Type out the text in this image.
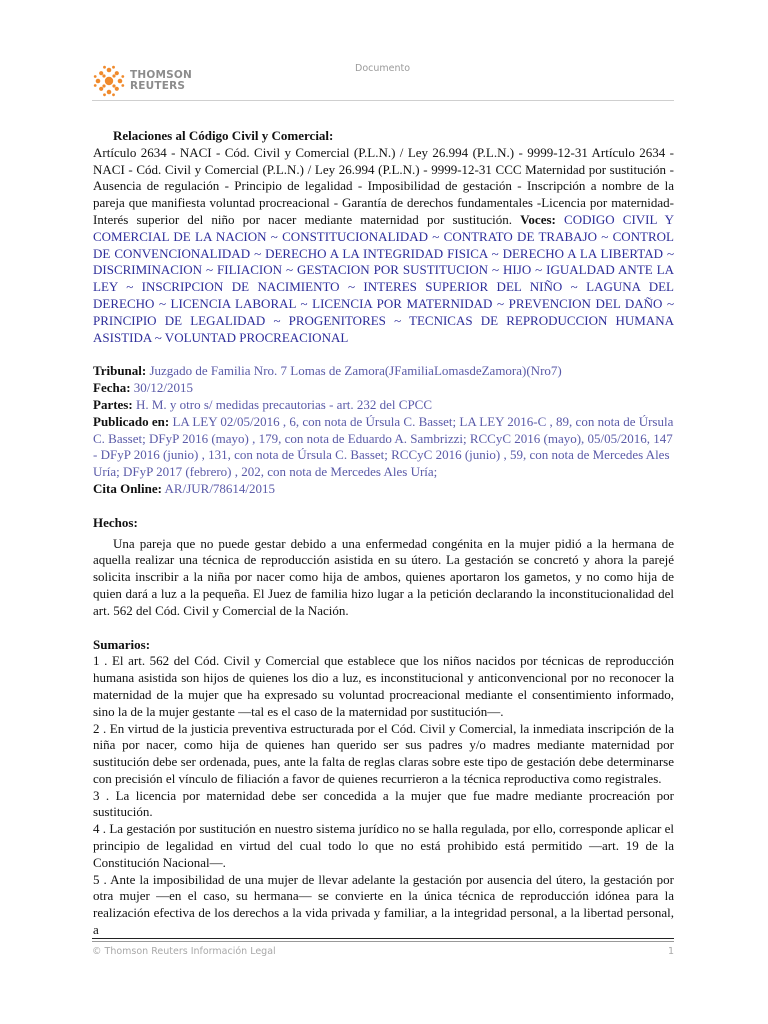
THOMSON
REUTERS
Documento

Relaciones al Código Civil y Comercial:

Artículo 2634 - NACI - Cód. Civil y Comercial (P.L.N.) / Ley 26.994 (P.L.N.) - 9999-12-31 Artículo 2634 - NACI - Cód. Civil y Comercial (P.L.N.) / Ley 26.994 (P.L.N.) - 9999-12-31 CCC Maternidad por sustitución - Ausencia de regulación - Principio de legalidad - Imposibilidad de gestación - Inscripción a nombre de la pareja que manifiesta voluntad procreacional - Garantía de derechos fundamentales -Licencia por maternidad- Interés superior del niño por nacer mediante maternidad por sustitución. Voces: CODIGO CIVIL Y COMERCIAL DE LA NACION ~ CONSTITUCIONALIDAD ~ CONTRATO DE TRABAJO ~ CONTROL DE CONVENCIONALIDAD ~ DERECHO A LA INTEGRIDAD FISICA ~ DERECHO A LA LIBERTAD ~ DISCRIMINACION ~ FILIACION ~ GESTACION POR SUSTITUCION ~ HIJO ~ IGUALDAD ANTE LA LEY ~ INSCRIPCION DE NACIMIENTO ~ INTERES SUPERIOR DEL NIÑO ~ LAGUNA DEL DERECHO ~ LICENCIA LABORAL ~ LICENCIA POR MATERNIDAD ~ PREVENCION DEL DAÑO ~ PRINCIPIO DE LEGALIDAD ~ PROGENITORES ~ TECNICAS DE REPRODUCCION HUMANA ASISTIDA ~ VOLUNTAD PROCREACIONAL

Tribunal: Juzgado de Familia Nro. 7 Lomas de Zamora(JFamiliaLomasdeZamora)(Nro7)

Fecha: 30/12/2015

Partes: H. M. y otro s/ medidas precautorias - art. 232 del CPCC

Publicado en: LA LEY 02/05/2016 , 6, con nota de Úrsula C. Basset; LA LEY 2016-C , 89, con nota de Úrsula C. Basset; DFyP 2016 (mayo) , 179, con nota de Eduardo A. Sambrizzi; RCCyC 2016 (mayo), 05/05/2016, 147 - DFyP 2016 (junio) , 131, con nota de Úrsula C. Basset; RCCyC 2016 (junio) , 59, con nota de Mercedes Ales Uría; DFyP 2017 (febrero) , 202, con nota de Mercedes Ales Uría;

Cita Online: AR/JUR/78614/2015

Hechos:

Una pareja que no puede gestar debido a una enfermedad congénita en la mujer pidió a la hermana de aquella realizar una técnica de reproducción asistida en su útero. La gestación se concretó y ahora la parejé solicita inscribir a la niña por nacer como hija de ambos, quienes aportaron los gametos, y no como hija de quien dará a luz a la pequeña. El Juez de familia hizo lugar a la petición declarando la inconstitucionalidad del art. 562 del Cód. Civil y Comercial de la Nación.

Sumarios:

1 . El art. 562 del Cód. Civil y Comercial que establece que los niños nacidos por técnicas de reproducción humana asistida son hijos de quienes los dio a luz, es inconstitucional y anticonvencional por no reconocer la maternidad de la mujer que ha expresado su voluntad procreacional mediante el consentimiento informado, sino la de la mujer gestante —tal es el caso de la maternidad por sustitución—.

2 . En virtud de la justicia preventiva estructurada por el Cód. Civil y Comercial, la inmediata inscripción de la niña por nacer, como hija de quienes han querido ser sus padres y/o madres mediante maternidad por sustitución debe ser ordenada, pues, ante la falta de reglas claras sobre este tipo de gestación debe determinarse con precisión el vínculo de filiación a favor de quienes recurrieron a la técnica reproductiva como registrales.

3 . La licencia por maternidad debe ser concedida a la mujer que fue madre mediante procreación por sustitución.

4 . La gestación por sustitución en nuestro sistema jurídico no se halla regulada, por ello, corresponde aplicar el principio de legalidad en virtud del cual todo lo que no está prohibido está permitido —art. 19 de la Constitución Nacional—.

5 . Ante la imposibilidad de una mujer de llevar adelante la gestación por ausencia del útero, la gestación por otra mujer —en el caso, su hermana— se convierte en la única técnica de reproducción idónea para la realización efectiva de los derechos a la vida privada y familiar, a la integridad personal, a la libertad personal, a

© Thomson Reuters Información Legal	1
